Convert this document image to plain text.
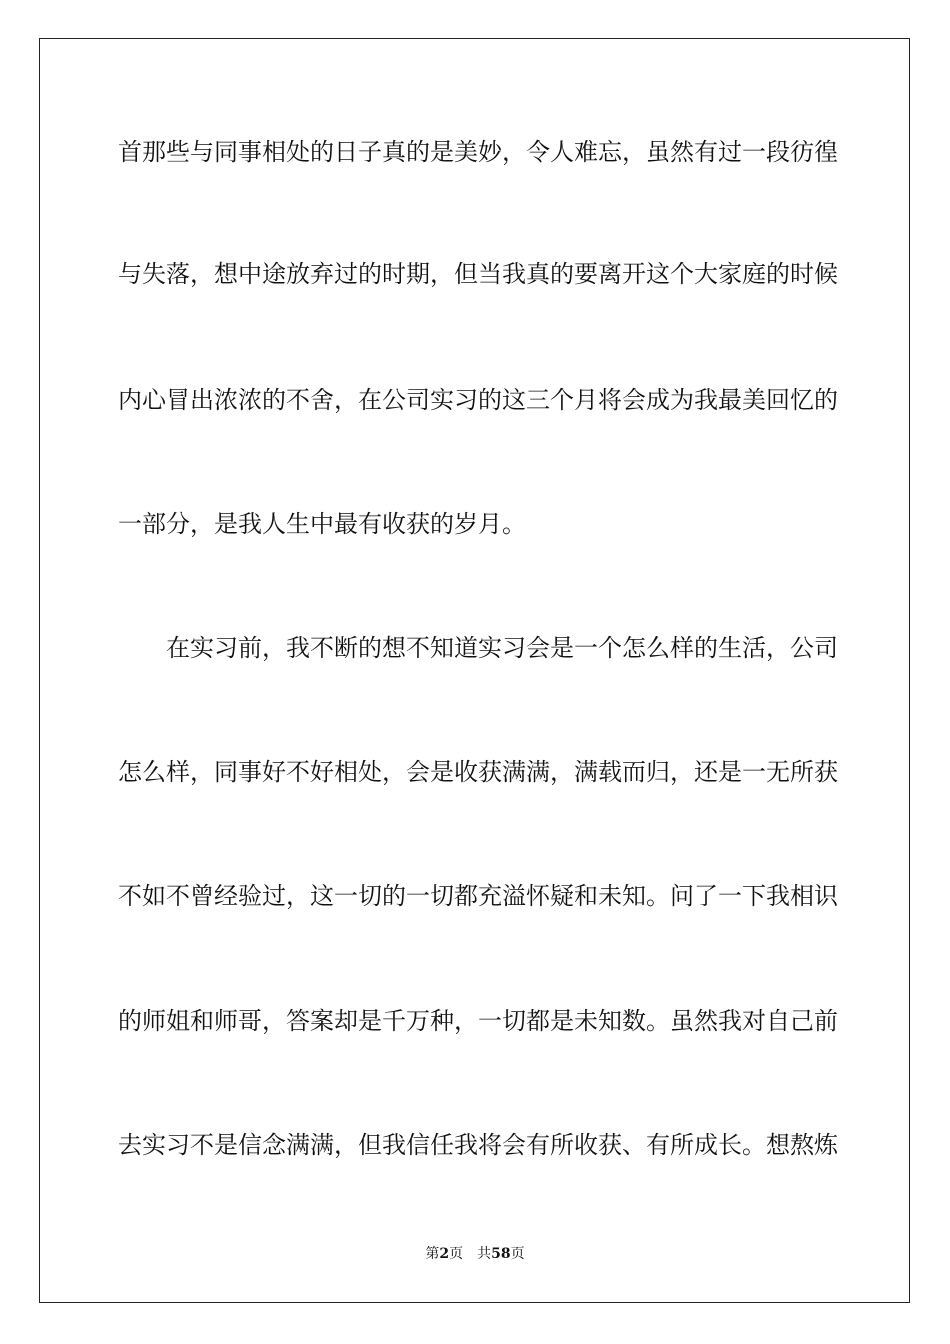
首那些与同事相处的日子真的是美妙，令人难忘，虽然有过一段彷徨
与失落，想中途放弃过的时期，但当我真的要离开这个大家庭的时候
内心冒出浓浓的不舍，在公司实习的这三个月将会成为我最美回忆的
一部分，是我人生中最有收获的岁月。
在实习前，我不断的想不知道实习会是一个怎么样的生活，公司
怎么样，同事好不好相处，会是收获满满，满载而归，还是一无所获
不如不曾经验过，这一切的一切都充溢怀疑和未知。问了一下我相识
的师姐和师哥，答案却是千万种，一切都是未知数。虽然我对自己前
去实习不是信念满满，但我信任我将会有所收获、有所成长。想熬炼
第2页 共58页
